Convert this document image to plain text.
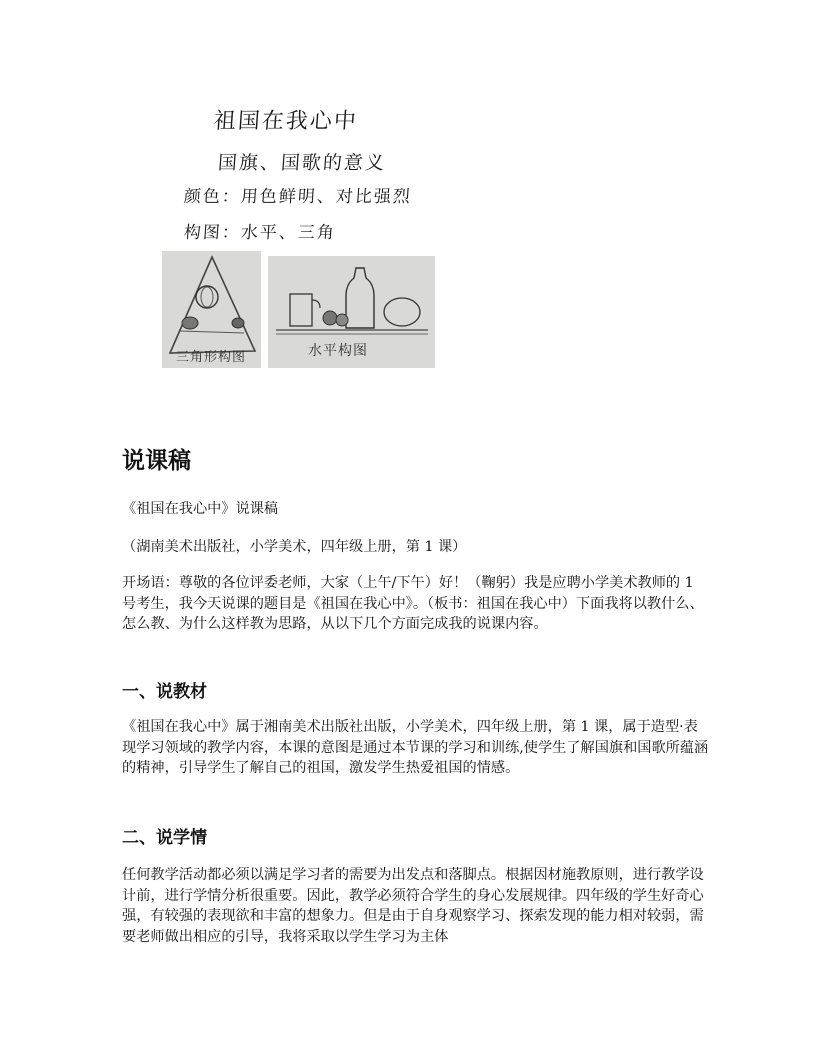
祖国在我心中
国旗、国歌的意义
颜色：用色鲜明、对比强烈
构图：水平、三角
三角形构图	水平构图
说课稿

《祖国在我心中》说课稿

（湖南美术出版社，小学美术，四年级上册，第 1 课）

开场语：尊敬的各位评委老师，大家（上午/下午）好！（鞠躬）我是应聘小学美术教师的 1 号考生，我今天说课的题目是《祖国在我心中》。（板书：祖国在我心中）下面我将以教什么、怎么教、为什么这样教为思路，从以下几个方面完成我的说课内容。

一、说教材

《祖国在我心中》属于湘南美术出版社出版，小学美术，四年级上册，第 1 课，属于造型·表现学习领域的教学内容，本课的意图是通过本节课的学习和训练,使学生了解国旗和国歌所蕴涵的精神，引导学生了解自己的祖国，激发学生热爱祖国的情感。

二、说学情

任何教学活动都必须以满足学习者的需要为出发点和落脚点。根据因材施教原则，进行教学设计前，进行学情分析很重要。因此，教学必须符合学生的身心发展规律。四年级的学生好奇心强，有较强的表现欲和丰富的想象力。但是由于自身观察学习、探索发现的能力相对较弱，需要老师做出相应的引导，我将采取以学生学习为主体
